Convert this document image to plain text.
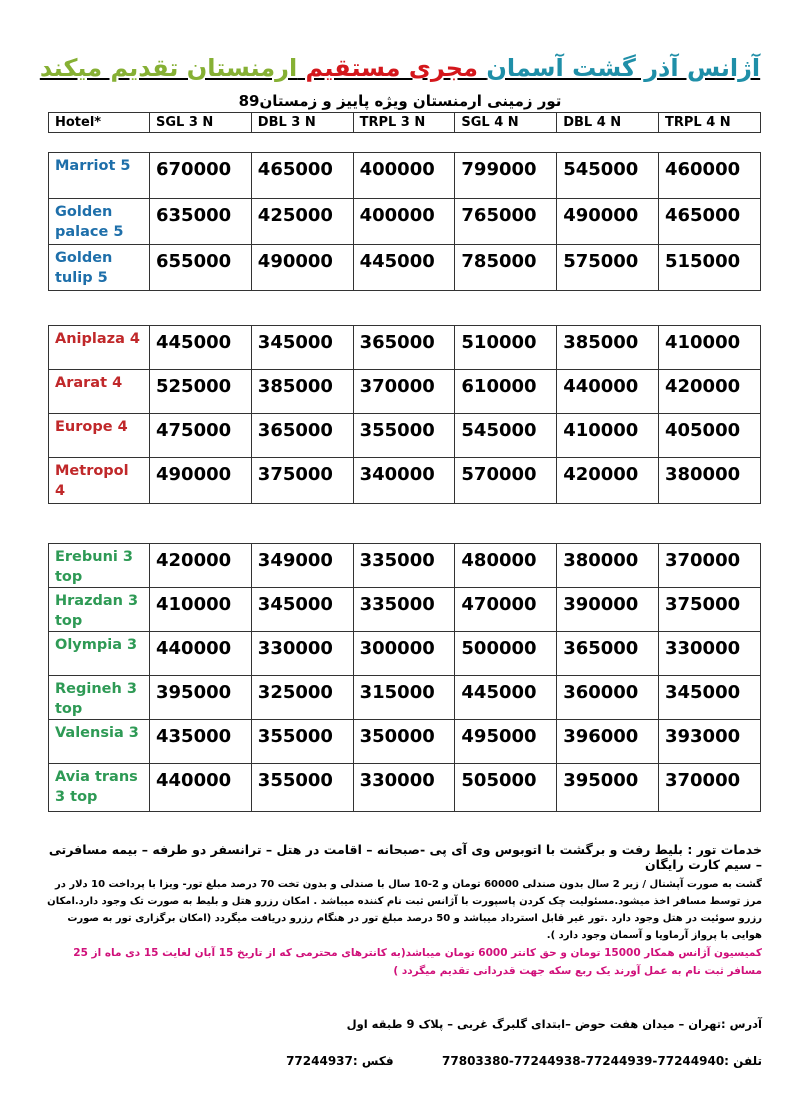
آژانس آذر گشت آسمان مجری مستقیم ارمنستان تقدیم میکند
تور زمینی ارمنستان ویژه پاییز و زمستان89
Hotel*	SGL 3 N	DBL 3 N	TRPL 3 N	SGL 4 N	DBL 4 N	TRPL 4 N
Marriot 5	670000	465000	400000	799000	545000	460000
Golden palace 5	635000	425000	400000	765000	490000	465000
Golden tulip 5	655000	490000	445000	785000	575000	515000
Aniplaza 4	445000	345000	365000	510000	385000	410000
Ararat 4	525000	385000	370000	610000	440000	420000
Europe 4	475000	365000	355000	545000	410000	405000
Metropol 4	490000	375000	340000	570000	420000	380000
Erebuni 3 top	420000	349000	335000	480000	380000	370000
Hrazdan 3 top	410000	345000	335000	470000	390000	375000
Olympia 3	440000	330000	300000	500000	365000	330000
Regineh 3 top	395000	325000	315000	445000	360000	345000
Valensia 3	435000	355000	350000	495000	396000	393000
Avia trans 3 top	440000	355000	330000	505000	395000	370000
خدمات تور : بلیط رفت و برگشت با اتوبوس وی آی پی -صبحانه – اقامت در هتل – ترانسفر دو طرفه – بیمه مسافرتی – سیم کارت رایگان
گشت به صورت آپشنال / زیر 2 سال بدون صندلی 60000 تومان و 2-10 سال با صندلی و بدون تخت 70 درصد مبلغ تور- ویزا با پرداخت 10 دلار در مرز توسط مسافر اخذ میشود.مسئولیت چک کردن پاسپورت با آژانس ثبت نام کننده میباشد . امکان رزرو هتل و بلیط به صورت تک وجود دارد.امکان رزرو سوئیت در هتل وجود دارد .تور غیر قابل استرداد میباشد و 50 درصد مبلغ تور در هنگام رزرو دریافت میگردد (امکان برگزاری تور به صورت هوایی با پرواز آرماویا و آسمان وجود دارد ).
کمیسیون آژانس همکار 15000 تومان و حق کانتر 6000 تومان میباشد(به کانترهای محترمی که از تاریخ 15 آبان لغایت 15 دی ماه از 25 مسافر ثبت نام به عمل آورند یک ربع سکه جهت قدردانی تقدیم میگردد )
آدرس :تهران – میدان هفت حوض –ابتدای گلبرگ غربی – پلاک 9 طبقه اول
تلفن :77244940-77244939-77244938-77803380  فکس :77244937
